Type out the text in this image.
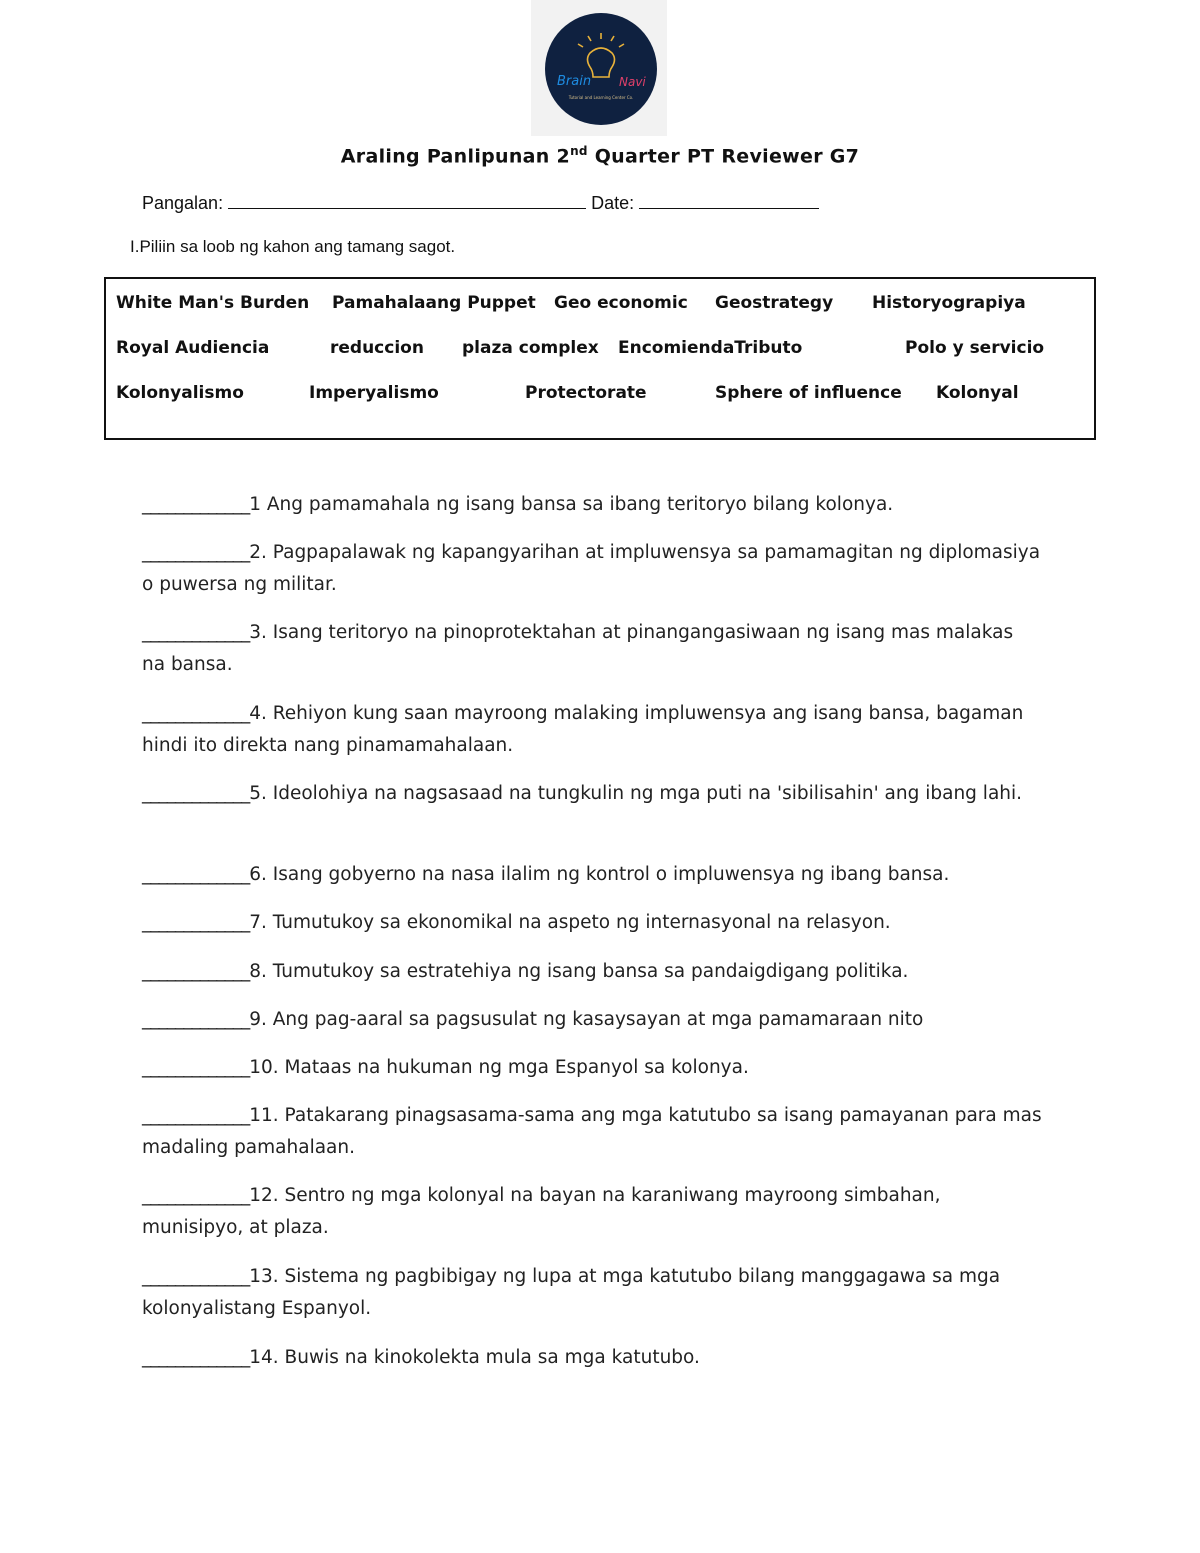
Brain Navi
Tutorial and Learning Center Co.
Araling Panlipunan 2nd Quarter PT Reviewer G7
Pangalan:	Date:
I.Piliin sa loob ng kahon ang tamang sagot.
White Man's Burden Pamahalaang Puppet Geo economic Geostrategy Historyograpiya
Royal Audiencia	reduccion plaza complex EncomiendaTributo	Polo y servicio
Kolonyalismo	Imperyalismo	Protectorate	Sphere of influence Kolonyal
_____________1 Ang pamamahala ng isang bansa sa ibang teritoryo bilang kolonya.
_____________2. Pagpapalawak ng kapangyarihan at impluwensya sa pamamagitan ng diplomasiya o puwersa ng militar.
_____________3. Isang teritoryo na pinoprotektahan at pinangangasiwaan ng isang mas malakas na bansa.
_____________4. Rehiyon kung saan mayroong malaking impluwensya ang isang bansa, bagaman hindi ito direkta nang pinamamahalaan.
_____________5. Ideolohiya na nagsasaad na tungkulin ng mga puti na 'sibilisahin' ang ibang lahi.
_____________6. Isang gobyerno na nasa ilalim ng kontrol o impluwensya ng ibang bansa.
_____________7. Tumutukoy sa ekonomikal na aspeto ng internasyonal na relasyon.
_____________8. Tumutukoy sa estratehiya ng isang bansa sa pandaigdigang politika.
_____________9. Ang pag-aaral sa pagsusulat ng kasaysayan at mga pamamaraan nito
_____________10. Mataas na hukuman ng mga Espanyol sa kolonya.
_____________11. Patakarang pinagsasama-sama ang mga katutubo sa isang pamayanan para mas madaling pamahalaan.
_____________12. Sentro ng mga kolonyal na bayan na karaniwang mayroong simbahan, munisipyo, at plaza.
_____________13. Sistema ng pagbibigay ng lupa at mga katutubo bilang manggagawa sa mga kolonyalistang Espanyol.
_____________14. Buwis na kinokolekta mula sa mga katutubo.
